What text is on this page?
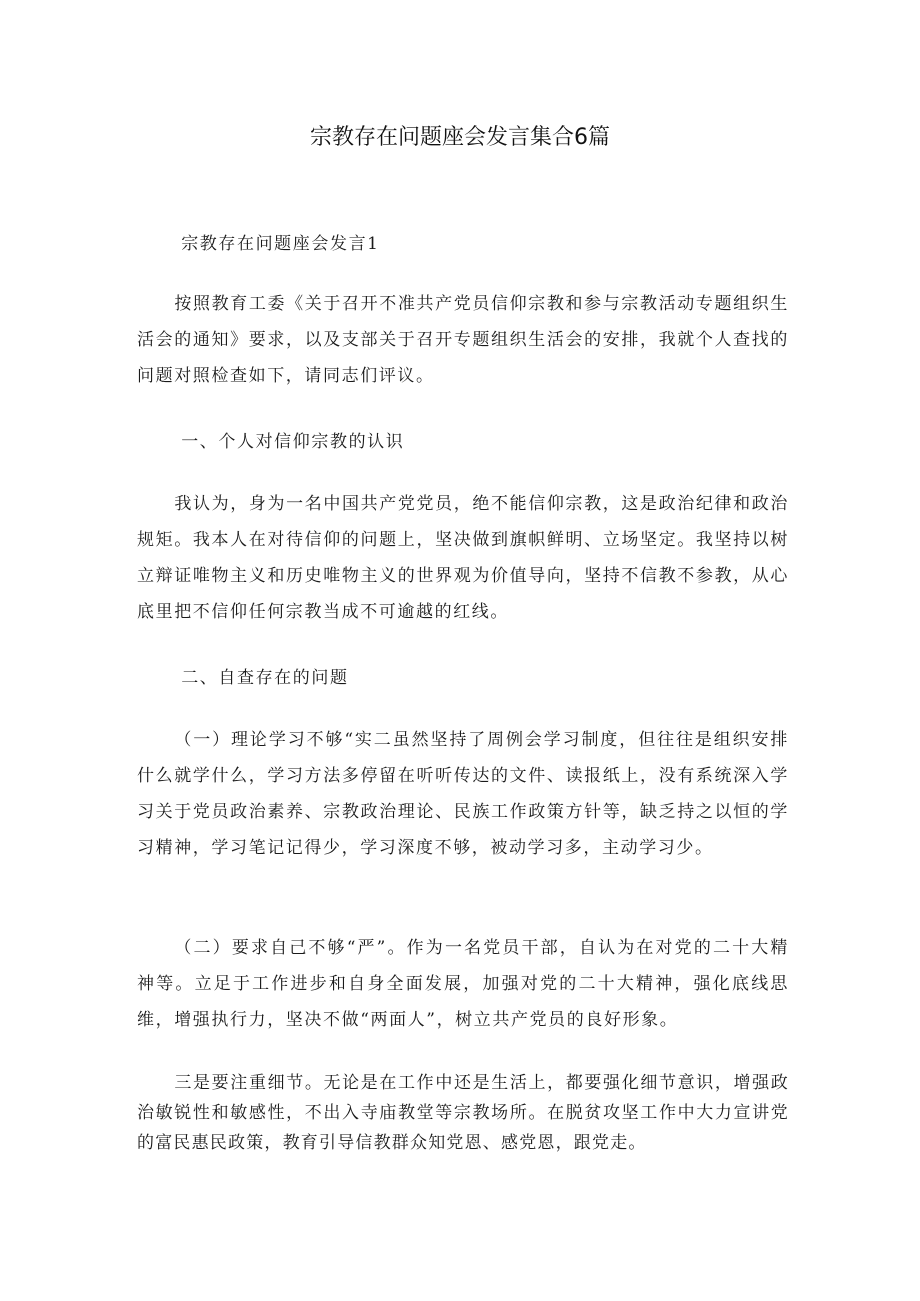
宗教存在问题座会发言集合6篇

宗教存在问题座会发言1

按照教育工委《关于召开不准共产党员信仰宗教和参与宗教活动专题组织生活会的通知》要求，以及支部关于召开专题组织生活会的安排，我就个人查找的问题对照检查如下，请同志们评议。

一、个人对信仰宗教的认识

我认为，身为一名中国共产党党员，绝不能信仰宗教，这是政治纪律和政治规矩。我本人在对待信仰的问题上，坚决做到旗帜鲜明、立场坚定。我坚持以树立辩证唯物主义和历史唯物主义的世界观为价值导向，坚持不信教不参教，从心底里把不信仰任何宗教当成不可逾越的红线。

二、自查存在的问题

（一）理论学习不够“实二虽然坚持了周例会学习制度，但往往是组织安排什么就学什么，学习方法多停留在听听传达的文件、读报纸上，没有系统深入学习关于党员政治素养、宗教政治理论、民族工作政策方针等，缺乏持之以恒的学习精神，学习笔记记得少，学习深度不够，被动学习多，主动学习少。

（二）要求自己不够“严”。作为一名党员干部，自认为在对党的二十大精神等。立足于工作进步和自身全面发展，加强对党的二十大精神，强化底线思维，增强执行力，坚决不做“两面人”，树立共产党员的良好形象。

三是要注重细节。无论是在工作中还是生活上，都要强化细节意识，增强政治敏锐性和敏感性，不出入寺庙教堂等宗教场所。在脱贫攻坚工作中大力宣讲党的富民惠民政策，教育引导信教群众知党恩、感党恩，跟党走。
